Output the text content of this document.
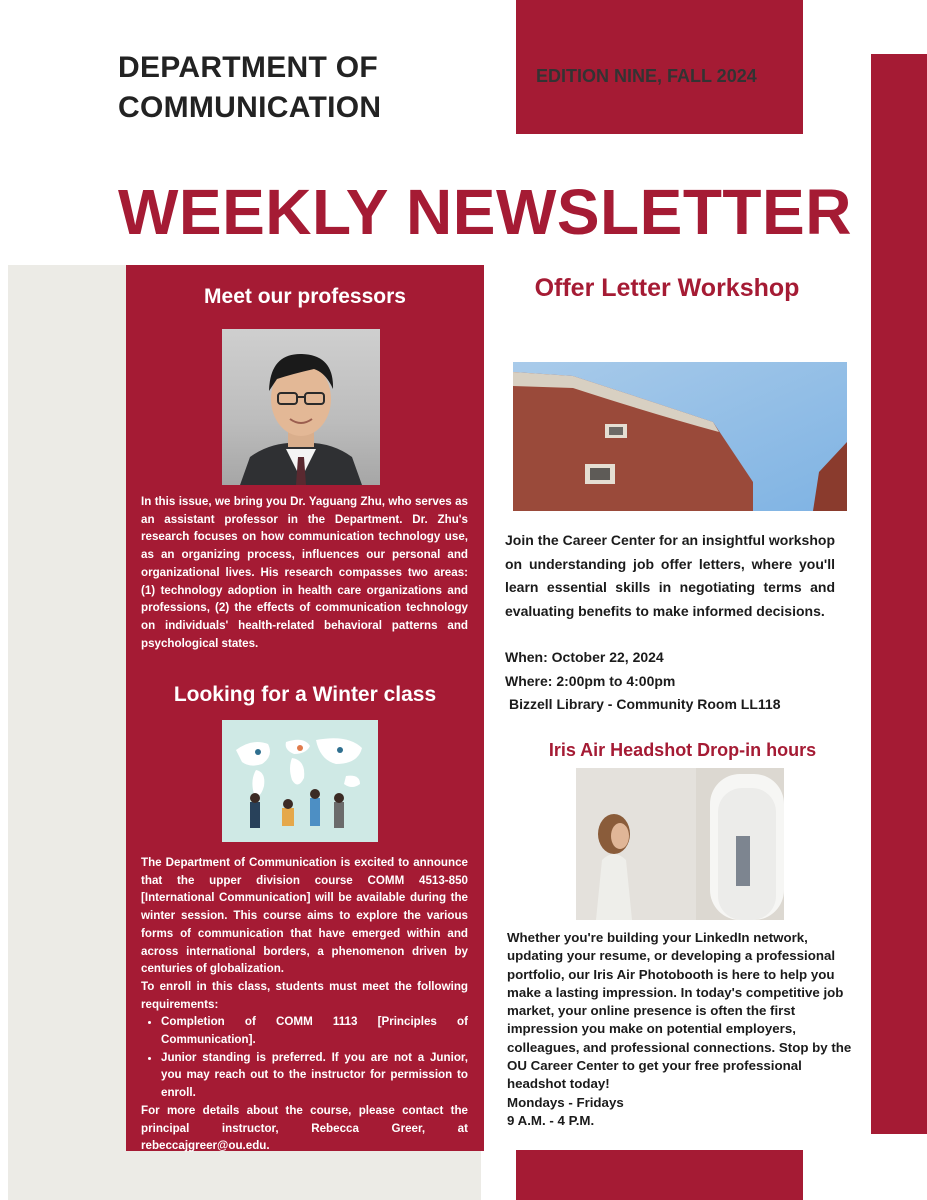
EDITION NINE, FALL 2024
DEPARTMENT OF COMMUNICATION
WEEKLY NEWSLETTER
Meet our professors

In this issue, we bring you Dr. Yaguang Zhu, who serves as an assistant professor in the Department. Dr. Zhu's research focuses on how communication technology use, as an organizing process, influences our personal and organizational lives. His research compasses two areas: (1) technology adoption in health care organizations and professions, (2) the effects of communication technology on individuals' health-related behavioral patterns and psychological states.

Looking for a Winter class

The Department of Communication is excited to announce that the upper division course COMM 4513-850 [International Communication] will be available during the winter session. This course aims to explore the various forms of communication that have emerged within and across international borders, a phenomenon driven by centuries of globalization.

To enroll in this class, students must meet the following requirements:

• Completion of COMM 1113 [Principles of Communication].
• Junior standing is preferred. If you are not a Junior, you may reach out to the instructor for permission to enroll.

For more details about the course, please contact the principal instructor, Rebecca Greer, at rebeccajgreer@ou.edu.

Offer Letter Workshop

Join the Career Center for an insightful workshop on understanding job offer letters, where you'll learn essential skills in negotiating terms and evaluating benefits to make informed decisions.

When: October 22, 2024

Where: 2:00pm to 4:00pm

Bizzell Library - Community Room LL118

Iris Air Headshot Drop-in hours

Whether you're building your LinkedIn network, updating your resume, or developing a professional portfolio, our Iris Air Photobooth is here to help you make a lasting impression. In today's competitive job market, your online presence is often the first impression you make on potential employers, colleagues, and professional connections. Stop by the OU Career Center to get your free professional headshot today!

Mondays - Fridays

9 A.M. - 4 P.M.
